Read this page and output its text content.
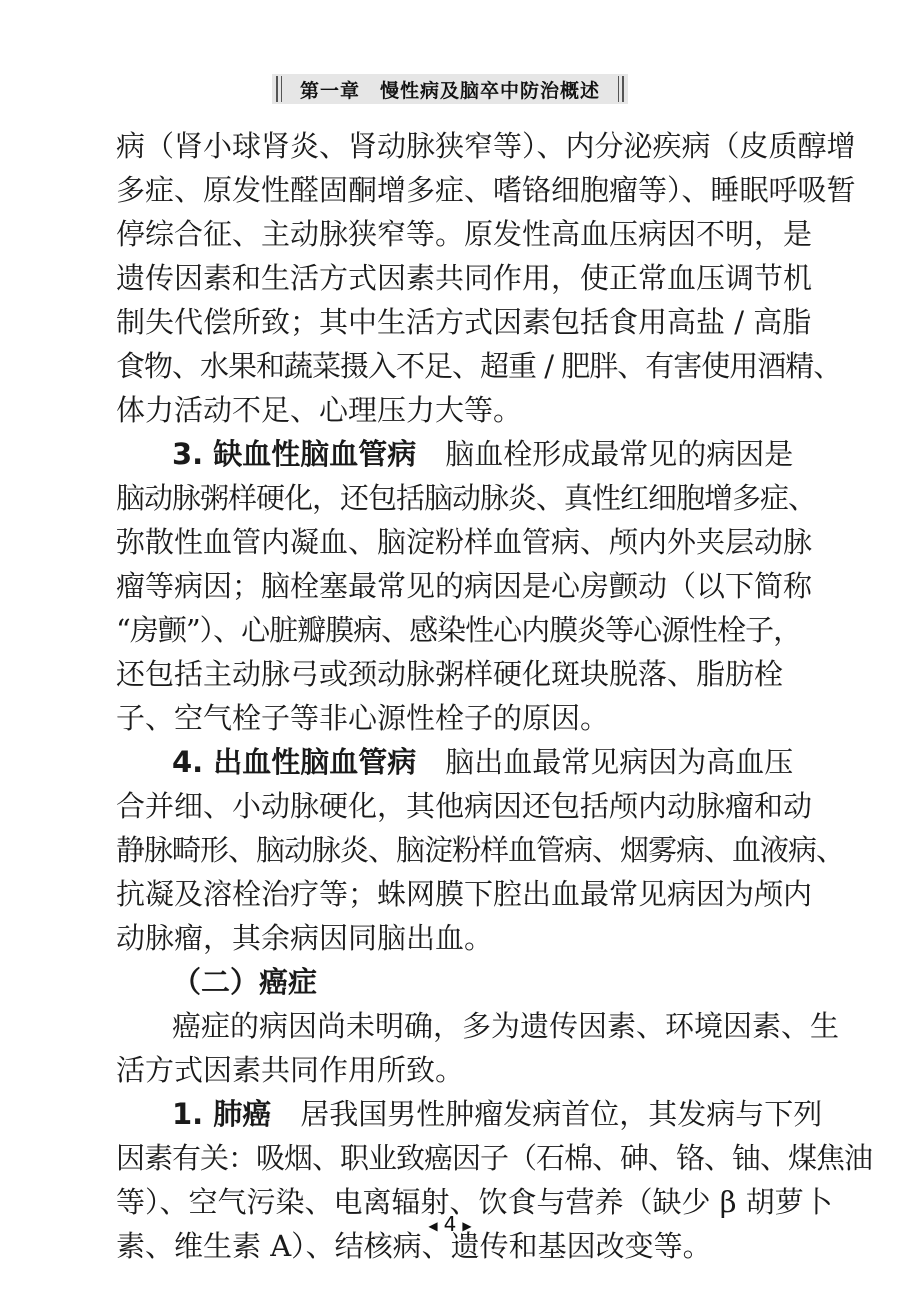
第一章　慢性病及脑卒中防治概述
病（肾小球肾炎、肾动脉狭窄等）、内分泌疾病（皮质醇增
多症、原发性醛固酮增多症、嗜铬细胞瘤等）、睡眠呼吸暂
停综合征、主动脉狭窄等。原发性高血压病因不明，是
遗传因素和生活方式因素共同作用，使正常血压调节机
制失代偿所致；其中生活方式因素包括食用高盐 / 高脂
食物、水果和蔬菜摄入不足、超重 / 肥胖、有害使用酒精、
体力活动不足、心理压力大等。
3. 缺血性脑血管病　脑血栓形成最常见的病因是
脑动脉粥样硬化，还包括脑动脉炎、真性红细胞增多症、
弥散性血管内凝血、脑淀粉样血管病、颅内外夹层动脉
瘤等病因；脑栓塞最常见的病因是心房颤动（以下简称
“房颤”）、心脏瓣膜病、感染性心内膜炎等心源性栓子，
还包括主动脉弓或颈动脉粥样硬化斑块脱落、脂肪栓
子、空气栓子等非心源性栓子的原因。
4. 出血性脑血管病　脑出血最常见病因为高血压
合并细、小动脉硬化，其他病因还包括颅内动脉瘤和动
静脉畸形、脑动脉炎、脑淀粉样血管病、烟雾病、血液病、
抗凝及溶栓治疗等；蛛网膜下腔出血最常见病因为颅内
动脉瘤，其余病因同脑出血。
（二）癌症
癌症的病因尚未明确，多为遗传因素、环境因素、生
活方式因素共同作用所致。
1. 肺癌　居我国男性肿瘤发病首位，其发病与下列
因素有关：吸烟、职业致癌因子（石棉、砷、铬、铀、煤焦油
等）、空气污染、电离辐射、饮食与营养（缺少 β 胡萝卜
素、维生素 A）、结核病、遗传和基因改变等。
◀ 4 ▶
